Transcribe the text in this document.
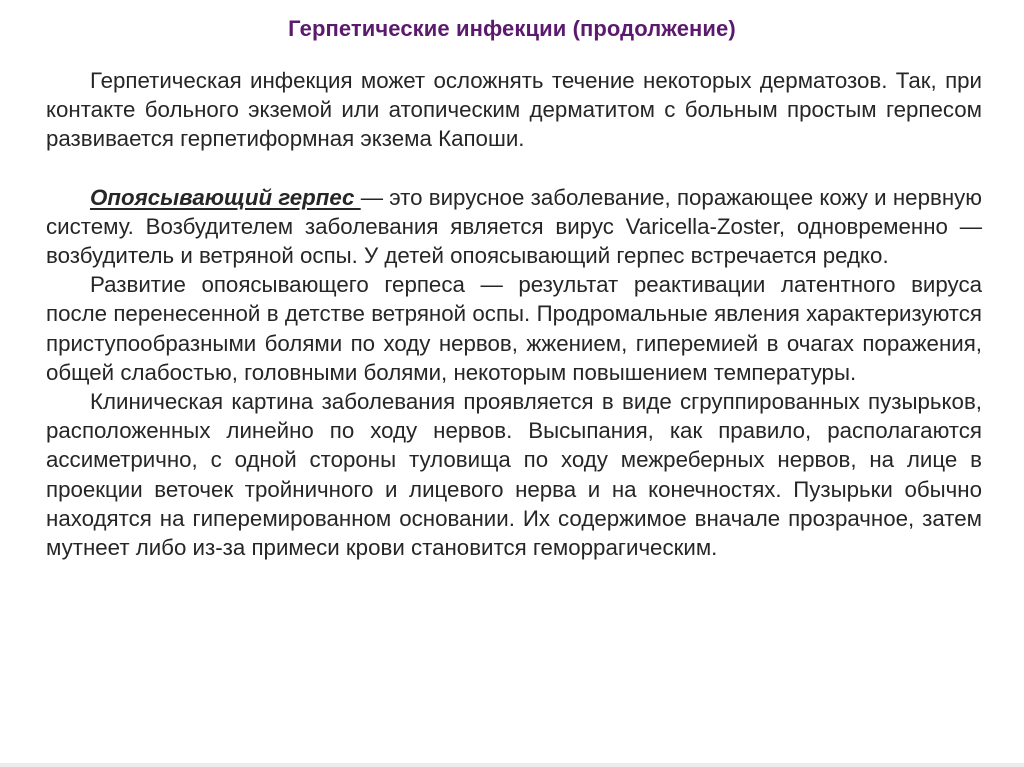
Герпетические инфекции (продолжение)

Герпетическая инфекция может осложнять течение некоторых дерматозов. Так, при контакте больного экземой или атопическим дерматитом с больным простым герпесом развивается герпетиформная экзема Капоши.

Опоясывающий герпес — это вирусное заболевание, поражающее кожу и нервную систему. Возбудителем заболевания является вирус Varicella-Zoster, одновременно — возбудитель и ветряной оспы. У детей опоясывающий герпес встречается редко.

Развитие опоясывающего герпеса — результат реактивации латентного вируса после перенесенной в детстве ветряной оспы. Продромальные явления характеризуются приступообразными болями по ходу нервов, жжением, гиперемией в очагах поражения, общей слабостью, головными болями, некоторым повышением температуры.

Клиническая картина заболевания проявляется в виде сгруппированных пузырьков, расположенных линейно по ходу нервов. Высыпания, как правило, располагаются ассиметрично, с одной стороны туловища по ходу межреберных нервов, на лице в проекции веточек тройничного и лицевого нерва и на конечностях. Пузырьки обычно находятся на гиперемированном основании. Их содержимое вначале прозрачное, затем мутнеет либо из-за примеси крови становится геморрагическим.
